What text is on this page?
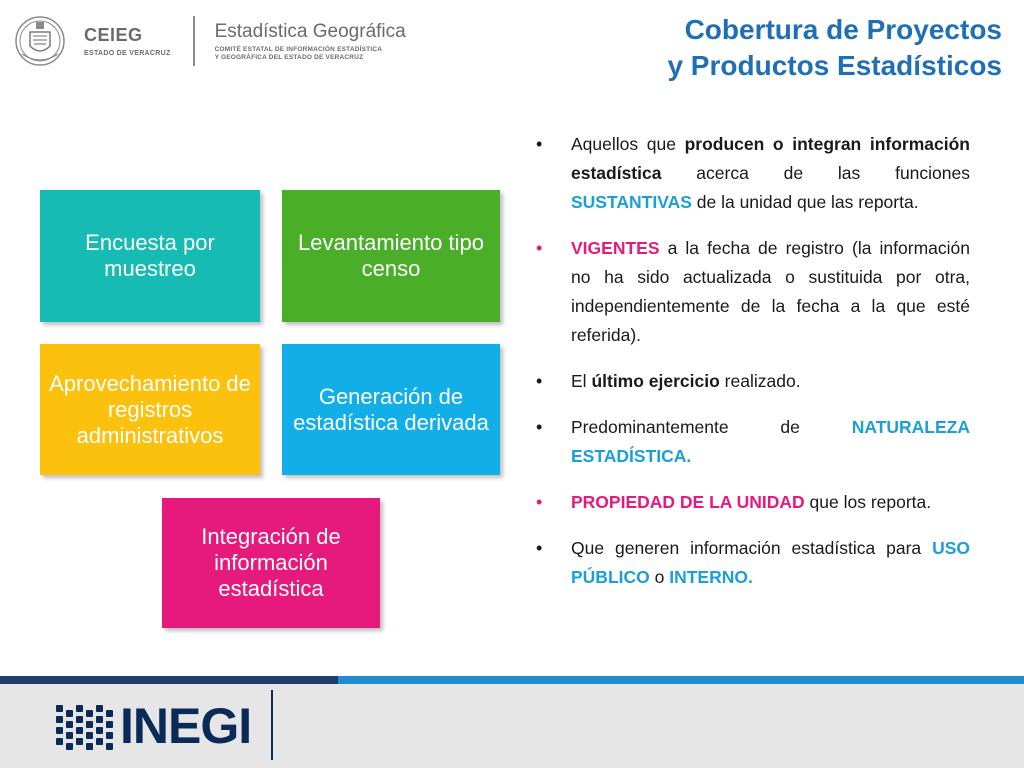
CEIEG
ESTADO DE VERACRUZ
Estadística Geográfica
COMITÉ ESTATAL DE INFORMACIÓN ESTADÍSTICA
Y GEOGRÁFICA DEL ESTADO DE VERACRUZ
Cobertura de Proyectos
y Productos Estadísticos
Encuesta por muestreo
Levantamiento tipo censo
Aprovechamiento de registros administrativos
Generación de estadística derivada
Integración de información estadística
• Aquellos que producen o integran información estadística acerca de las funciones SUSTANTIVAS de la unidad que las reporta.
• VIGENTES a la fecha de registro (la información no ha sido actualizada o sustituida por otra, independientemente de la fecha a la que esté referida).
• El último ejercicio realizado.
• Predominantemente de NATURALEZA ESTADÍSTICA.
• PROPIEDAD DE LA UNIDAD que los reporta.
• Que generen información estadística para USO PÚBLICO o INTERNO.
INEGI
